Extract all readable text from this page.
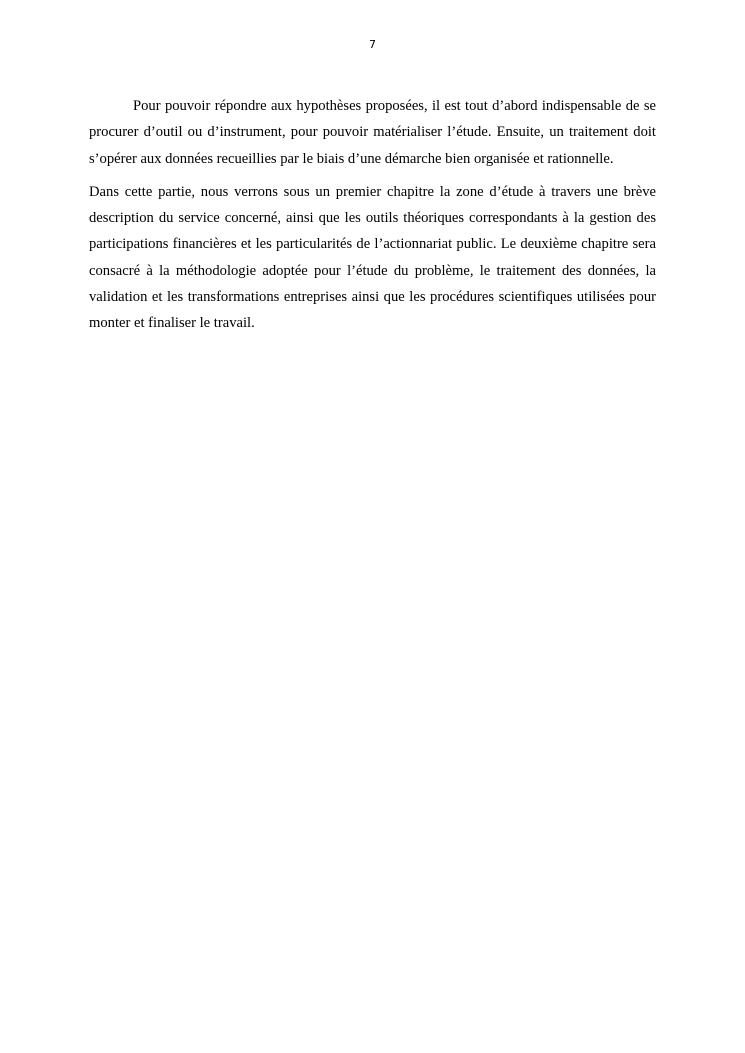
7

Pour pouvoir répondre aux hypothèses proposées, il est tout d’abord indispensable de se procurer d’outil ou d’instrument, pour pouvoir matérialiser l’étude. Ensuite, un traitement doit s’opérer aux données recueillies par le biais d’une démarche bien organisée et rationnelle.

Dans cette partie, nous verrons sous un premier chapitre la zone d’étude à travers une brève description du service concerné, ainsi que les outils théoriques correspondants à la gestion des participations financières et les particularités de l’actionnariat public. Le deuxième chapitre sera consacré à la méthodologie adoptée pour l’étude du problème, le traitement des données, la validation et les transformations entreprises ainsi que les procédures scientifiques utilisées pour monter et finaliser le travail.
